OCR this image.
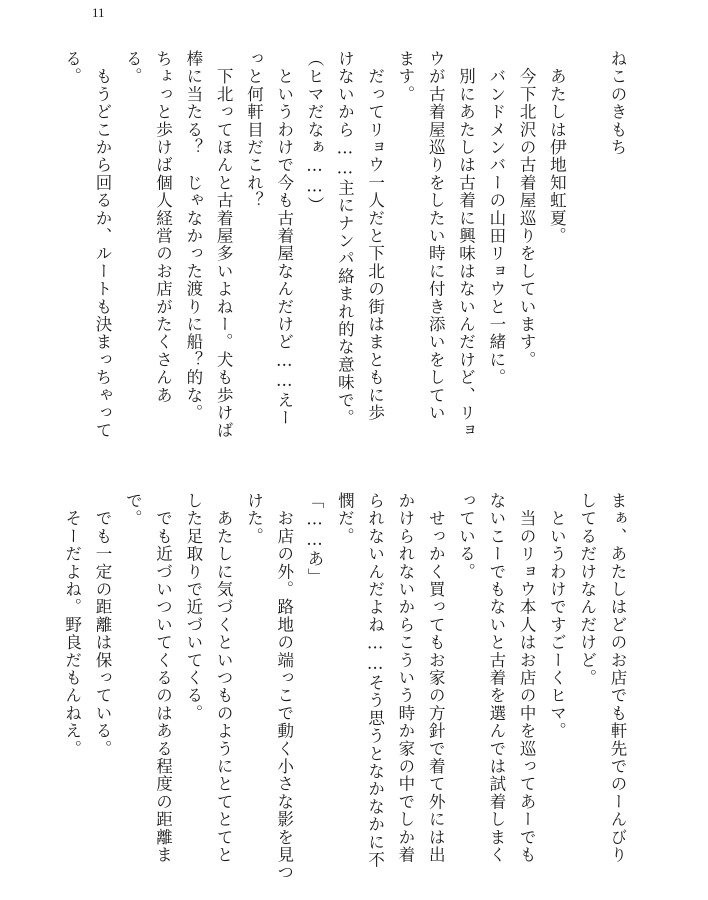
11
ねこのきもち

　あたしは伊地知虹夏。
　今下北沢の古着屋巡りをしています。
　バンドメンバーの山田リョウと一緒に。
　別にあたしは古着に興味はないんだけど、リョ
ウが古着屋巡りをしたい時に付き添いをしてい
ます。
　だってリョウ一人だと下北の街はまともに歩
けないから……主にナンパ絡まれ的な意味で。
（ヒマだなぁ……）
　というわけで今も古着屋なんだけど……えー
っと何軒目だこれ？
　下北ってほんと古着屋多いよねー。犬も歩けば
棒に当たる？　じゃなかった渡りに船？的な。
ちょっと歩けば個人経営のお店がたくさんあ
る。
　もうどこから回るか、ルートも決まっちゃって
る。
まぁ、あたしはどのお店でも軒先でのーんびり
してるだけなんだけど。
　というわけですごーくヒマ。
　当のリョウ本人はお店の中を巡ってあーでも
ないこーでもないと古着を選んでは試着しまく
っている。
　せっかく買ってもお家の方針で着て外には出
かけられないからこういう時か家の中でしか着
られないんだよね……そう思うとなかなかに不
憫だ。
「……あ」
　お店の外。路地の端っこで動く小さな影を見つ
けた。
　あたしに気づくといつものようにとてとてと
した足取りで近づいてくる。
　でも近づいついてくるのはある程度の距離ま
で。
　でも一定の距離は保っている。
　そーだよね。野良だもんねえ。
